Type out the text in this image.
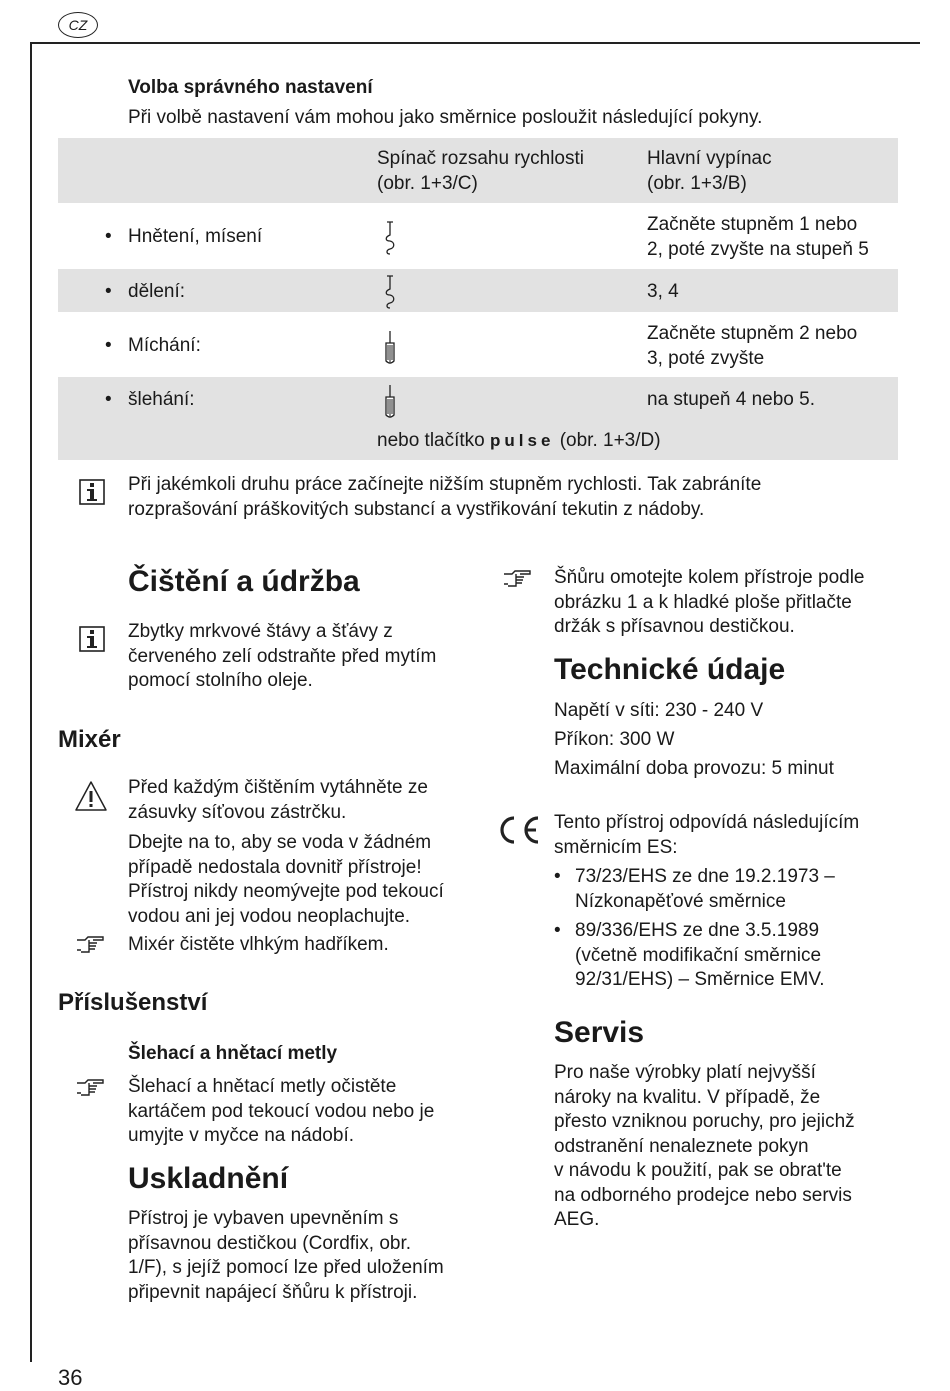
CZ
Volba správného nastavení
Při volbě nastavení vám mohou jako směrnice posloužit následující pokyny.

Spínač rozsahu rychlosti

(obr. 1+3/C)

Hlavní vypínac

(obr. 1+3/B)

• Hnětení, mísení

Začněte stupněm 1 nebo

2, poté zvyšte na stupeň 5

• dělení:	3, 4

• Míchání:

Začněte stupněm 2 nebo

3, poté zvyšte

• šlehání:	na stupeň 4 nebo 5.

nebo tlačítko pulse (obr. 1+3/D)

Při jakémkoli druhu práce začínejte nižším stupněm rychlosti. Tak zabráníte

rozprašování práškovitých substancí a vystřikování tekutin z nádoby.

Čištění a údržba

Zbytky mrkvové štávy a šťávy z

červeného zelí odstraňte před mytím

pomocí stolního oleje.

Mixér

Před každým čištěním vytáhněte ze

zásuvky síťovou zástrčku.

Dbejte na to, aby se voda v žádném

případě nedostala dovnitř přístroje!

Přístroj nikdy neomývejte pod tekoucí

vodou ani jej vodou neoplachujte.

Mixér čistěte vlhkým hadříkem.
Příslušenství
Šlehací a hnětací metly

Šlehací a hnětací metly očistěte

kartáčem pod tekoucí vodou nebo je

umyjte v myčce na nádobí.

Uskladnění

Přístroj je vybaven upevněním s

přísavnou destičkou (Cordfix, obr.

1/F), s jejíž pomocí lze před uložením

připevnit napájecí šňůru k přístroji.

Šňůru omotejte kolem přístroje podle

obrázku 1 a k hladké ploše přitlačte

držák s přísavnou destičkou.

Technické údaje
Napětí v síti: 230 - 240 V
Příkon: 300 W
Maximální doba provozu: 5 minut

Tento přístroj odpovídá následujícím

směrnicím ES:

• 73/23/EHS ze dne 19.2.1973 –

Nízkonapěťové směrnice

• 89/336/EHS ze dne 3.5.1989

(včetně modifikační směrnice

92/31/EHS) – Směrnice EMV.

Servis

Pro naše výrobky platí nejvyšší

nároky na kvalitu. V případě, že

přesto vzniknou poruchy, pro jejichž

odstranění nenaleznete pokyn

v návodu k použití, pak se obrat'te

na odborného prodejce nebo servis

AEG.

36
